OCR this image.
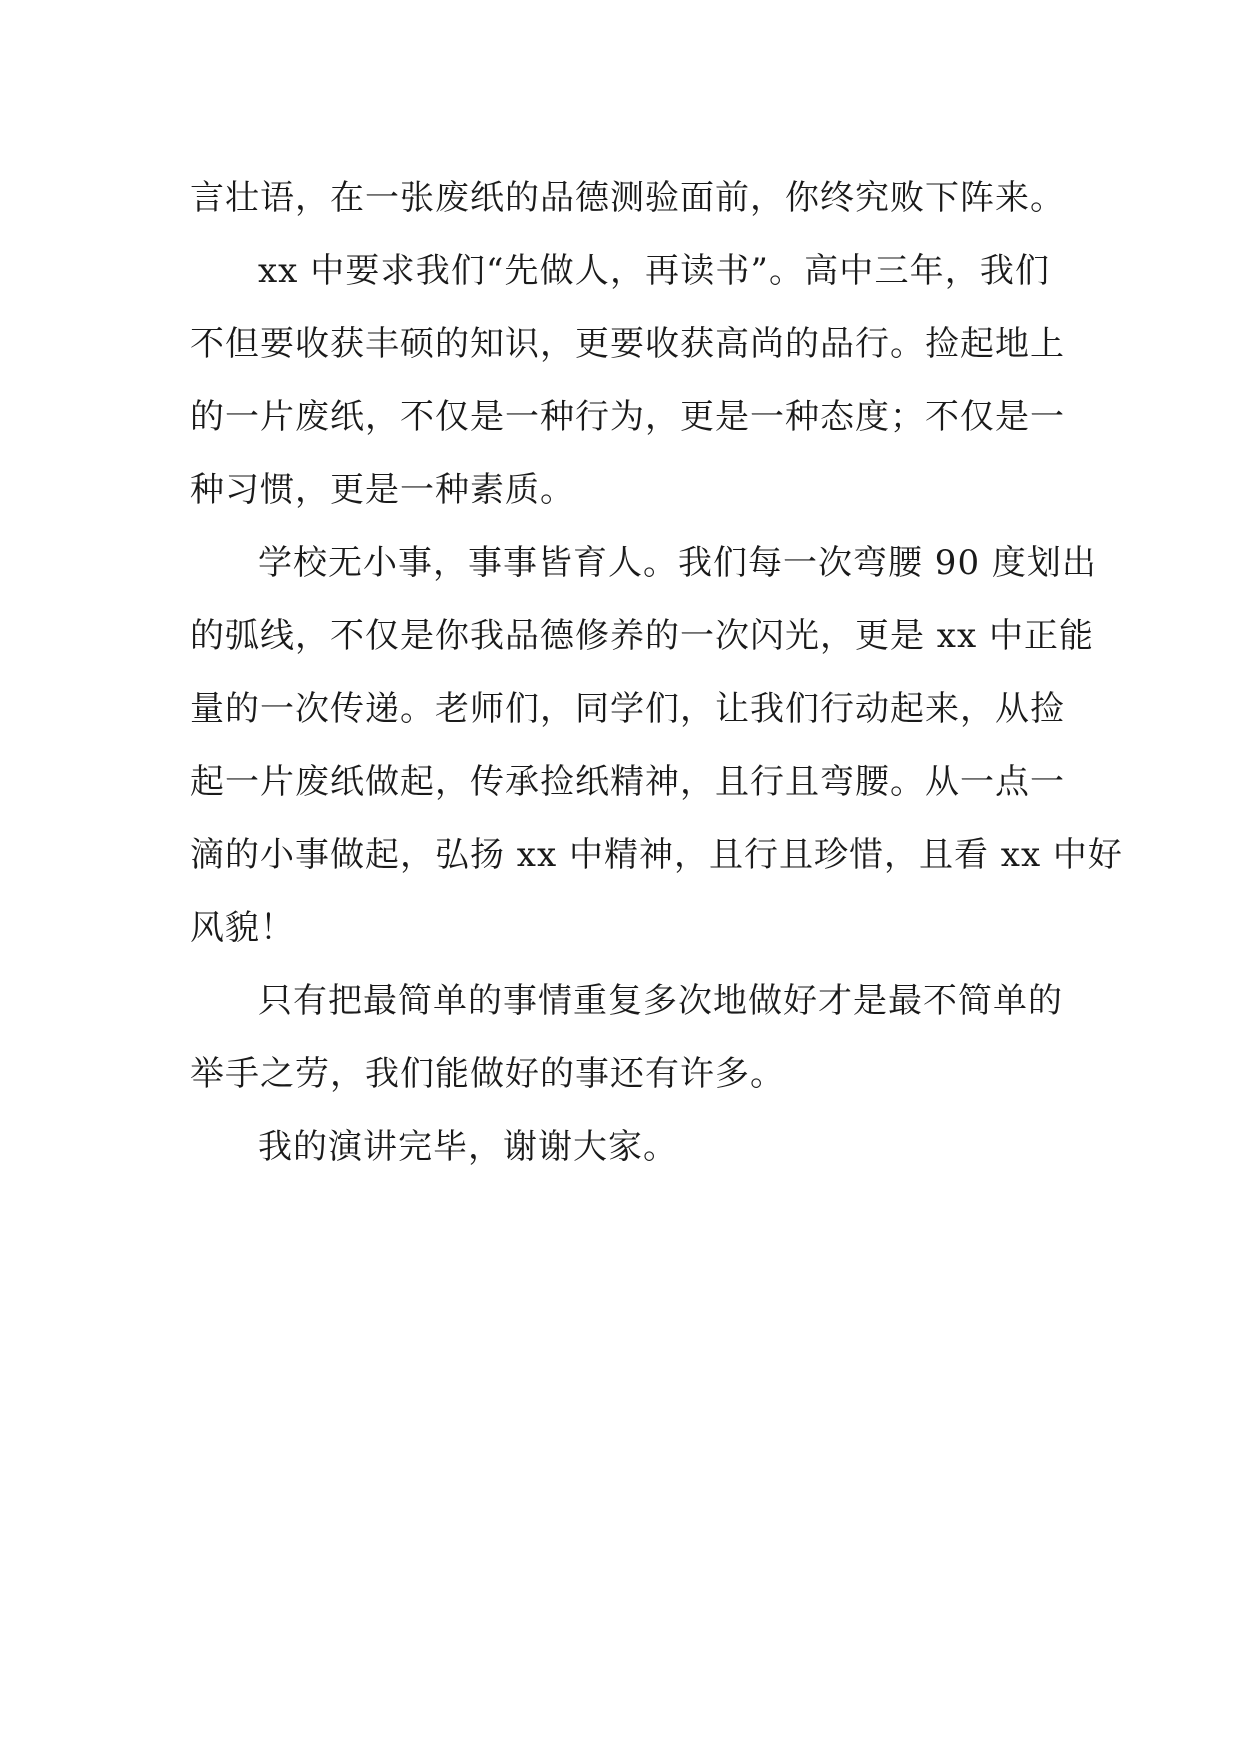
言壮语，在一张废纸的品德测验面前，你终究败下阵来。
xx 中要求我们“先做人，再读书”。高中三年，我们
不但要收获丰硕的知识，更要收获高尚的品行。捡起地上
的一片废纸，不仅是一种行为，更是一种态度；不仅是一
种习惯，更是一种素质。
学校无小事，事事皆育人。我们每一次弯腰 90 度划出
的弧线，不仅是你我品德修养的一次闪光，更是 xx 中正能
量的一次传递。老师们，同学们，让我们行动起来，从捡
起一片废纸做起，传承捡纸精神，且行且弯腰。从一点一
滴的小事做起，弘扬 xx 中精神，且行且珍惜，且看 xx 中好
风貌！
只有把最简单的事情重复多次地做好才是最不简单的
举手之劳，我们能做好的事还有许多。
我的演讲完毕，谢谢大家。
